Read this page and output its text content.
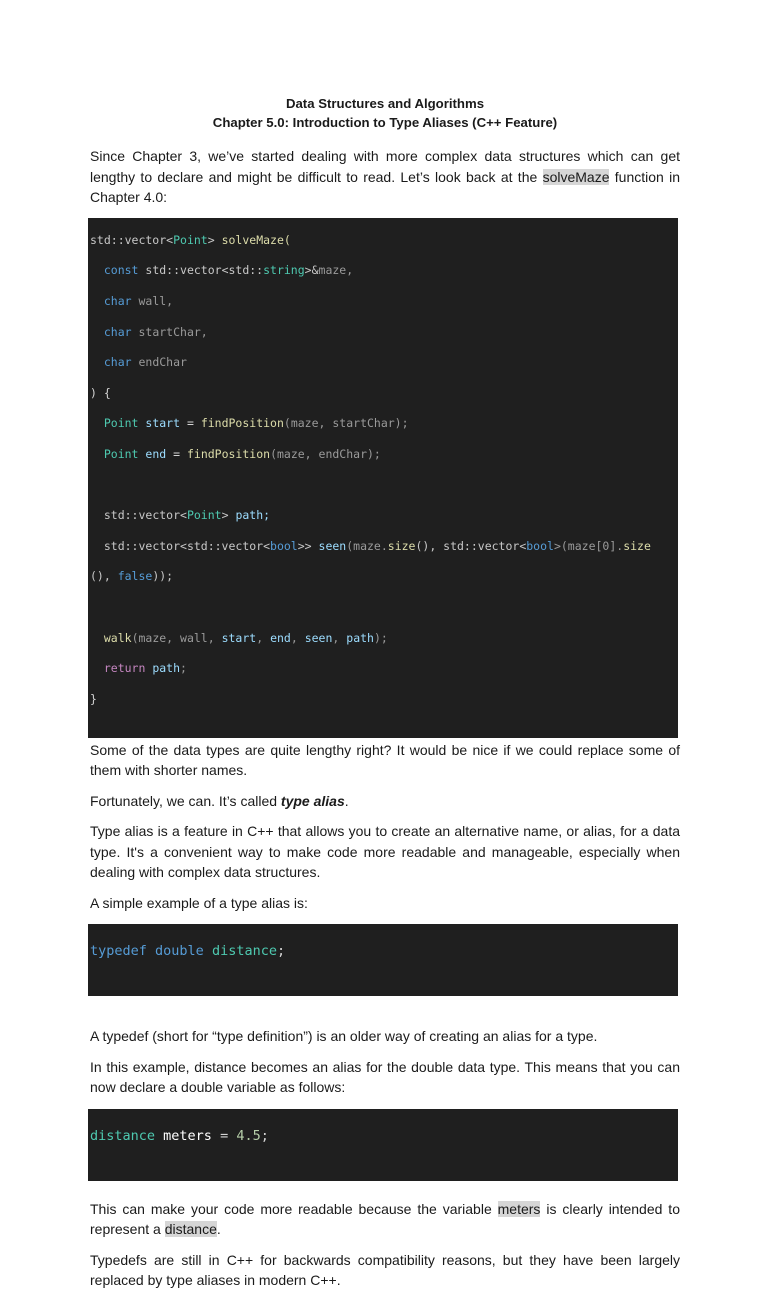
Data Structures and Algorithms
Chapter 5.0: Introduction to Type Aliases (C++ Feature)

Since Chapter 3, we’ve started dealing with more complex data structures which can get lengthy to declare and might be difficult to read. Let’s look back at the solveMaze function in Chapter 4.0:

std::vector<Point> solveMaze(

const std::vector<std::string>&maze,

char wall,

char startChar,

char endChar

) {

Point start = findPosition(maze, startChar);

Point end = findPosition(maze, endChar);

std::vector<Point> path;

std::vector<std::vector<bool>> seen(maze.size(), std::vector<bool>(maze[0].size

(), false));

walk(maze, wall, start, end, seen, path);

return path;

}

Some of the data types are quite lengthy right? It would be nice if we could replace some of them with shorter names.

Fortunately, we can. It’s called type alias.

Type alias is a feature in C++ that allows you to create an alternative name, or alias, for a data type. It's a convenient way to make code more readable and manageable, especially when dealing with complex data structures.

A simple example of a type alias is:

typedef double distance;

A typedef (short for “type definition”) is an older way of creating an alias for a type.

In this example, distance becomes an alias for the double data type. This means that you can now declare a double variable as follows:

distance meters = 4.5;

This can make your code more readable because the variable meters is clearly intended to represent a distance.

Typedefs are still in C++ for backwards compatibility reasons, but they have been largely replaced by type aliases in modern C++.
